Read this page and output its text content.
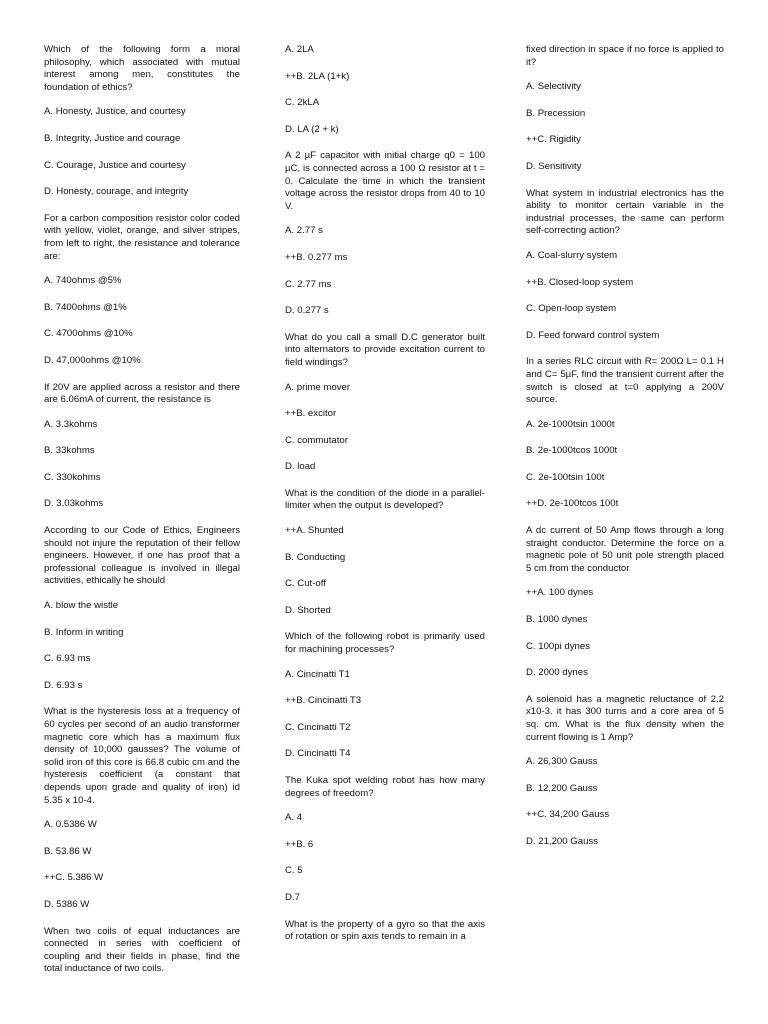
Which of the following form a moral philosophy, which associated with mutual interest among men, constitutes the foundation of ethics?

A. Honesty, Justice, and courtesy

B. Integrity, Justice and courage

C. Courage, Justice and courtesy

D. Honesty, courage, and integrity

For a carbon composition resistor color coded with yellow, violet, orange, and silver stripes, from left to right, the resistance and tolerance are:

A. 740ohms @5%

B. 7400ohms @1%

C. 4700ohms @10%

D. 47,000ohms @10%

If 20V are applied across a resistor and there are 6.06mA of current, the resistance is

A. 3.3kohms

B. 33kohms

C. 330kohms

D. 3.03kohms

According to our Code of Ethics, Engineers should not injure the reputation of their fellow engineers. However, if one has proof that a professional colleague is involved in illegal activities, ethically he should

A. blow the wistle

B. Inform in writing

C. 6.93 ms

D. 6.93 s

What is the hysteresis loss at a frequency of 60 cycles per second of an audio transformer magnetic core which has a maximum flux density of 10,000 gausses? The volume of solid iron of this core is 66.8 cubic cm and the hysteresis coefficient (a constant that depends upon grade and quality of iron) id 5.35 x 10-4.

A. 0.5386 W

B. 53.86 W

++C. 5.386 W

D. 5386 W

When two coils of equal inductances are connected in series with coefficient of coupling and their fields in phase, find the total inductance of two coils.

A. 2LA

++B. 2LA (1+k)

C. 2kLA

D. LA (2 + k)

A 2 µF capacitor with initial charge q0 = 100 µC, is connected across a 100 Ω resistor at t = 0. Calculate the time in which the transient voltage across the resistor drops from 40 to 10 V.

A. 2.77 s

++B. 0.277 ms

C. 2.77 ms

D. 0.277 s

What do you call a small D.C generator built into alternators to provide excitation current to field windings?

A. prime mover

++B. excitor

C. commutator

D. load

What is the condition of the diode in a parallel-limiter when the output is developed?

++A. Shunted

B. Conducting

C. Cut-off

D. Shorted

Which of the following robot is primarily used for machining processes?

A. Cincinatti T1

++B. Cincinatti T3

C. Cincinatti T2

D. Cincinatti T4

The Kuka spot welding robot has how many degrees of freedom?

A. 4

++B. 6

C. 5

D.7

What is the property of a gyro so that the axis of rotation or spin axis tends to remain in a

fixed direction in space if no force is applied to it?

A. Selectivity

B. Precession

++C. Rigidity

D. Sensitivity

What system in industrial electronics has the ability to monitor certain variable in the industrial processes, the same can perform self-correcting action?

A. Coal-slurry system

++B. Closed-loop system

C. Open-loop system

D. Feed forward control system

In a series RLC circuit with R= 200Ω L= 0.1 H and C= 5µF, find the transient current after the switch is closed at t=0 applying a 200V source.

A. 2e-1000tsin 1000t

B. 2e-1000tcos 1000t

C. 2e-100tsin 100t

++D. 2e-100tcos 100t

A dc current of 50 Amp flows through a long straight conductor. Determine the force on a magnetic pole of 50 unit pole strength placed 5 cm from the conductor

++A. 100 dynes

B. 1000 dynes

C. 100pi dynes

D. 2000 dynes

A solenoid has a magnetic reluctance of 2.2 x10-3. it has 300 turns and a core area of 5 sq. cm. What is the flux density when the current flowing is 1 Amp?

A. 26,300 Gauss

B. 12,200 Gauss

++C. 34,200 Gauss

D. 21,200 Gauss
